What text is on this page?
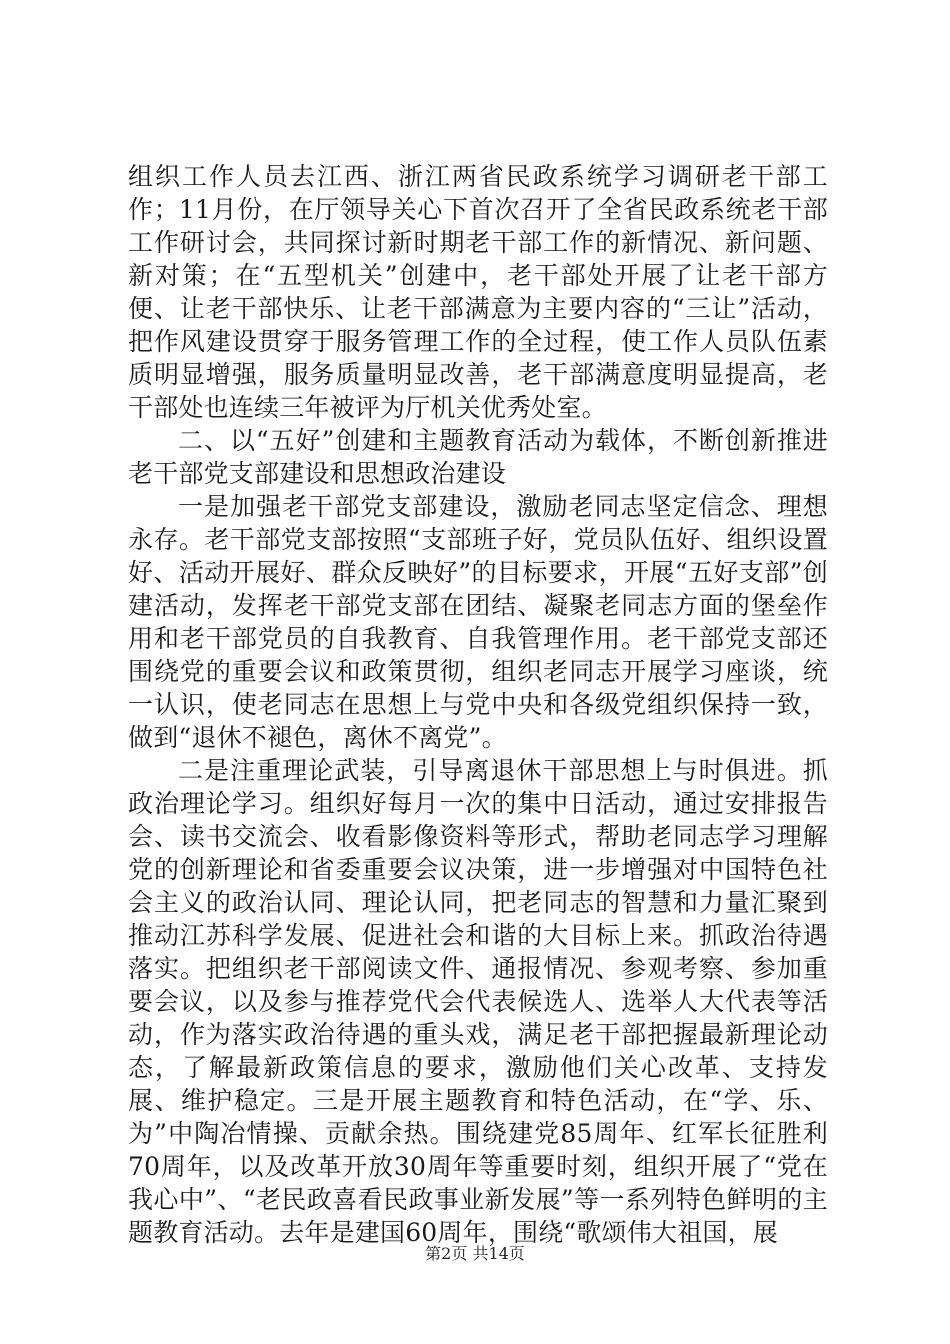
组织工作人员去江西、浙江两省民政系统学习调研老干部工作；11月份，在厅领导关心下首次召开了全省民政系统老干部工作研讨会，共同探讨新时期老干部工作的新情况、新问题、新对策；在“五型机关”创建中，老干部处开展了让老干部方便、让老干部快乐、让老干部满意为主要内容的“三让”活动，把作风建设贯穿于服务管理工作的全过程，使工作人员队伍素质明显增强，服务质量明显改善，老干部满意度明显提高，老干部处也连续三年被评为厅机关优秀处室。

二、以“五好”创建和主题教育活动为载体，不断创新推进老干部党支部建设和思想政治建设

一是加强老干部党支部建设，激励老同志坚定信念、理想永存。老干部党支部按照“支部班子好，党员队伍好、组织设置好、活动开展好、群众反映好”的目标要求，开展“五好支部”创建活动，发挥老干部党支部在团结、凝聚老同志方面的堡垒作用和老干部党员的自我教育、自我管理作用。老干部党支部还围绕党的重要会议和政策贯彻，组织老同志开展学习座谈，统一认识，使老同志在思想上与党中央和各级党组织保持一致，做到“退休不褪色，离休不离党”。

二是注重理论武装，引导离退休干部思想上与时俱进。抓政治理论学习。组织好每月一次的集中日活动，通过安排报告会、读书交流会、收看影像资料等形式，帮助老同志学习理解党的创新理论和省委重要会议决策，进一步增强对中国特色社会主义的政治认同、理论认同，把老同志的智慧和力量汇聚到推动江苏科学发展、促进社会和谐的大目标上来。抓政治待遇落实。把组织老干部阅读文件、通报情况、参观考察、参加重要会议，以及参与推荐党代会代表候选人、选举人大代表等活动，作为落实政治待遇的重头戏，满足老干部把握最新理论动态，了解最新政策信息的要求，激励他们关心改革、支持发展、维护稳定。三是开展主题教育和特色活动，在“学、乐、为”中陶冶情操、贡献余热。围绕建党85周年、红军长征胜利70周年，以及改革开放30周年等重要时刻，组织开展了“党在我心中”、“老民政喜看民政事业新发展”等一系列特色鲜明的主题教育活动。去年是建国60周年，围绕“歌颂伟大祖国，展

第2页 共14页
